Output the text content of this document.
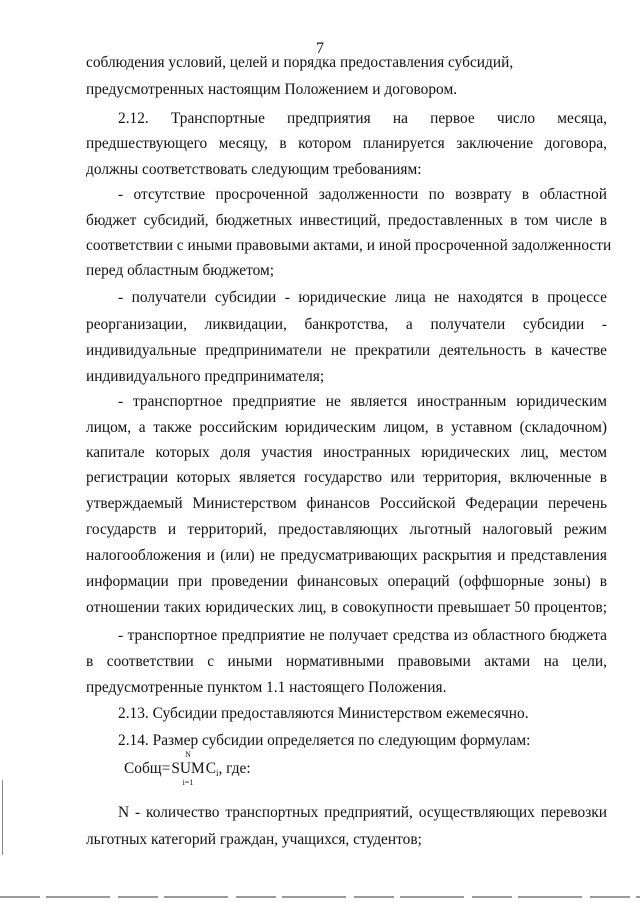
7
соблюдения условий, целей и порядка предоставления субсидий,
предусмотренных настоящим Положением и договором.
2.12. Транспортные предприятия на первое число месяца,
предшествующего месяцу, в котором планируется заключение договора,
должны соответствовать следующим требованиям:
- отсутствие просроченной задолженности по возврату в областной
бюджет субсидий, бюджетных инвестиций, предоставленных в том числе в
соответствии с иными правовыми актами, и иной просроченной задолженности
перед областным бюджетом;
- получатели субсидии - юридические лица не находятся в процессе
реорганизации, ликвидации, банкротства, а получатели субсидии -
индивидуальные предприниматели не прекратили деятельность в качестве
индивидуального предпринимателя;
- транспортное предприятие не является иностранным юридическим
лицом, а также российским юридическим лицом, в уставном (складочном)
капитале которых доля участия иностранных юридических лиц, местом
регистрации которых является государство или территория, включенные в
утверждаемый Министерством финансов Российской Федерации перечень
государств и территорий, предоставляющих льготный налоговый режим
налогообложения и (или) не предусматривающих раскрытия и представления
информации при проведении финансовых операций (оффшорные зоны) в
отношении таких юридических лиц, в совокупности превышает 50 процентов;
- транспортное предприятие не получает средства из областного бюджета
в соответствии с иными нормативными правовыми актами на цели,
предусмотренные пунктом 1.1 настоящего Положения.
2.13. Субсидии предоставляются Министерством ежемесячно.
2.14. Размер субсидии определяется по следующим формулам:
N - количество транспортных предприятий, осуществляющих перевозки
льготных категорий граждан, учащихся, студентов;
Cобщ=
N
SUM
i=1
$C_i$, где:
